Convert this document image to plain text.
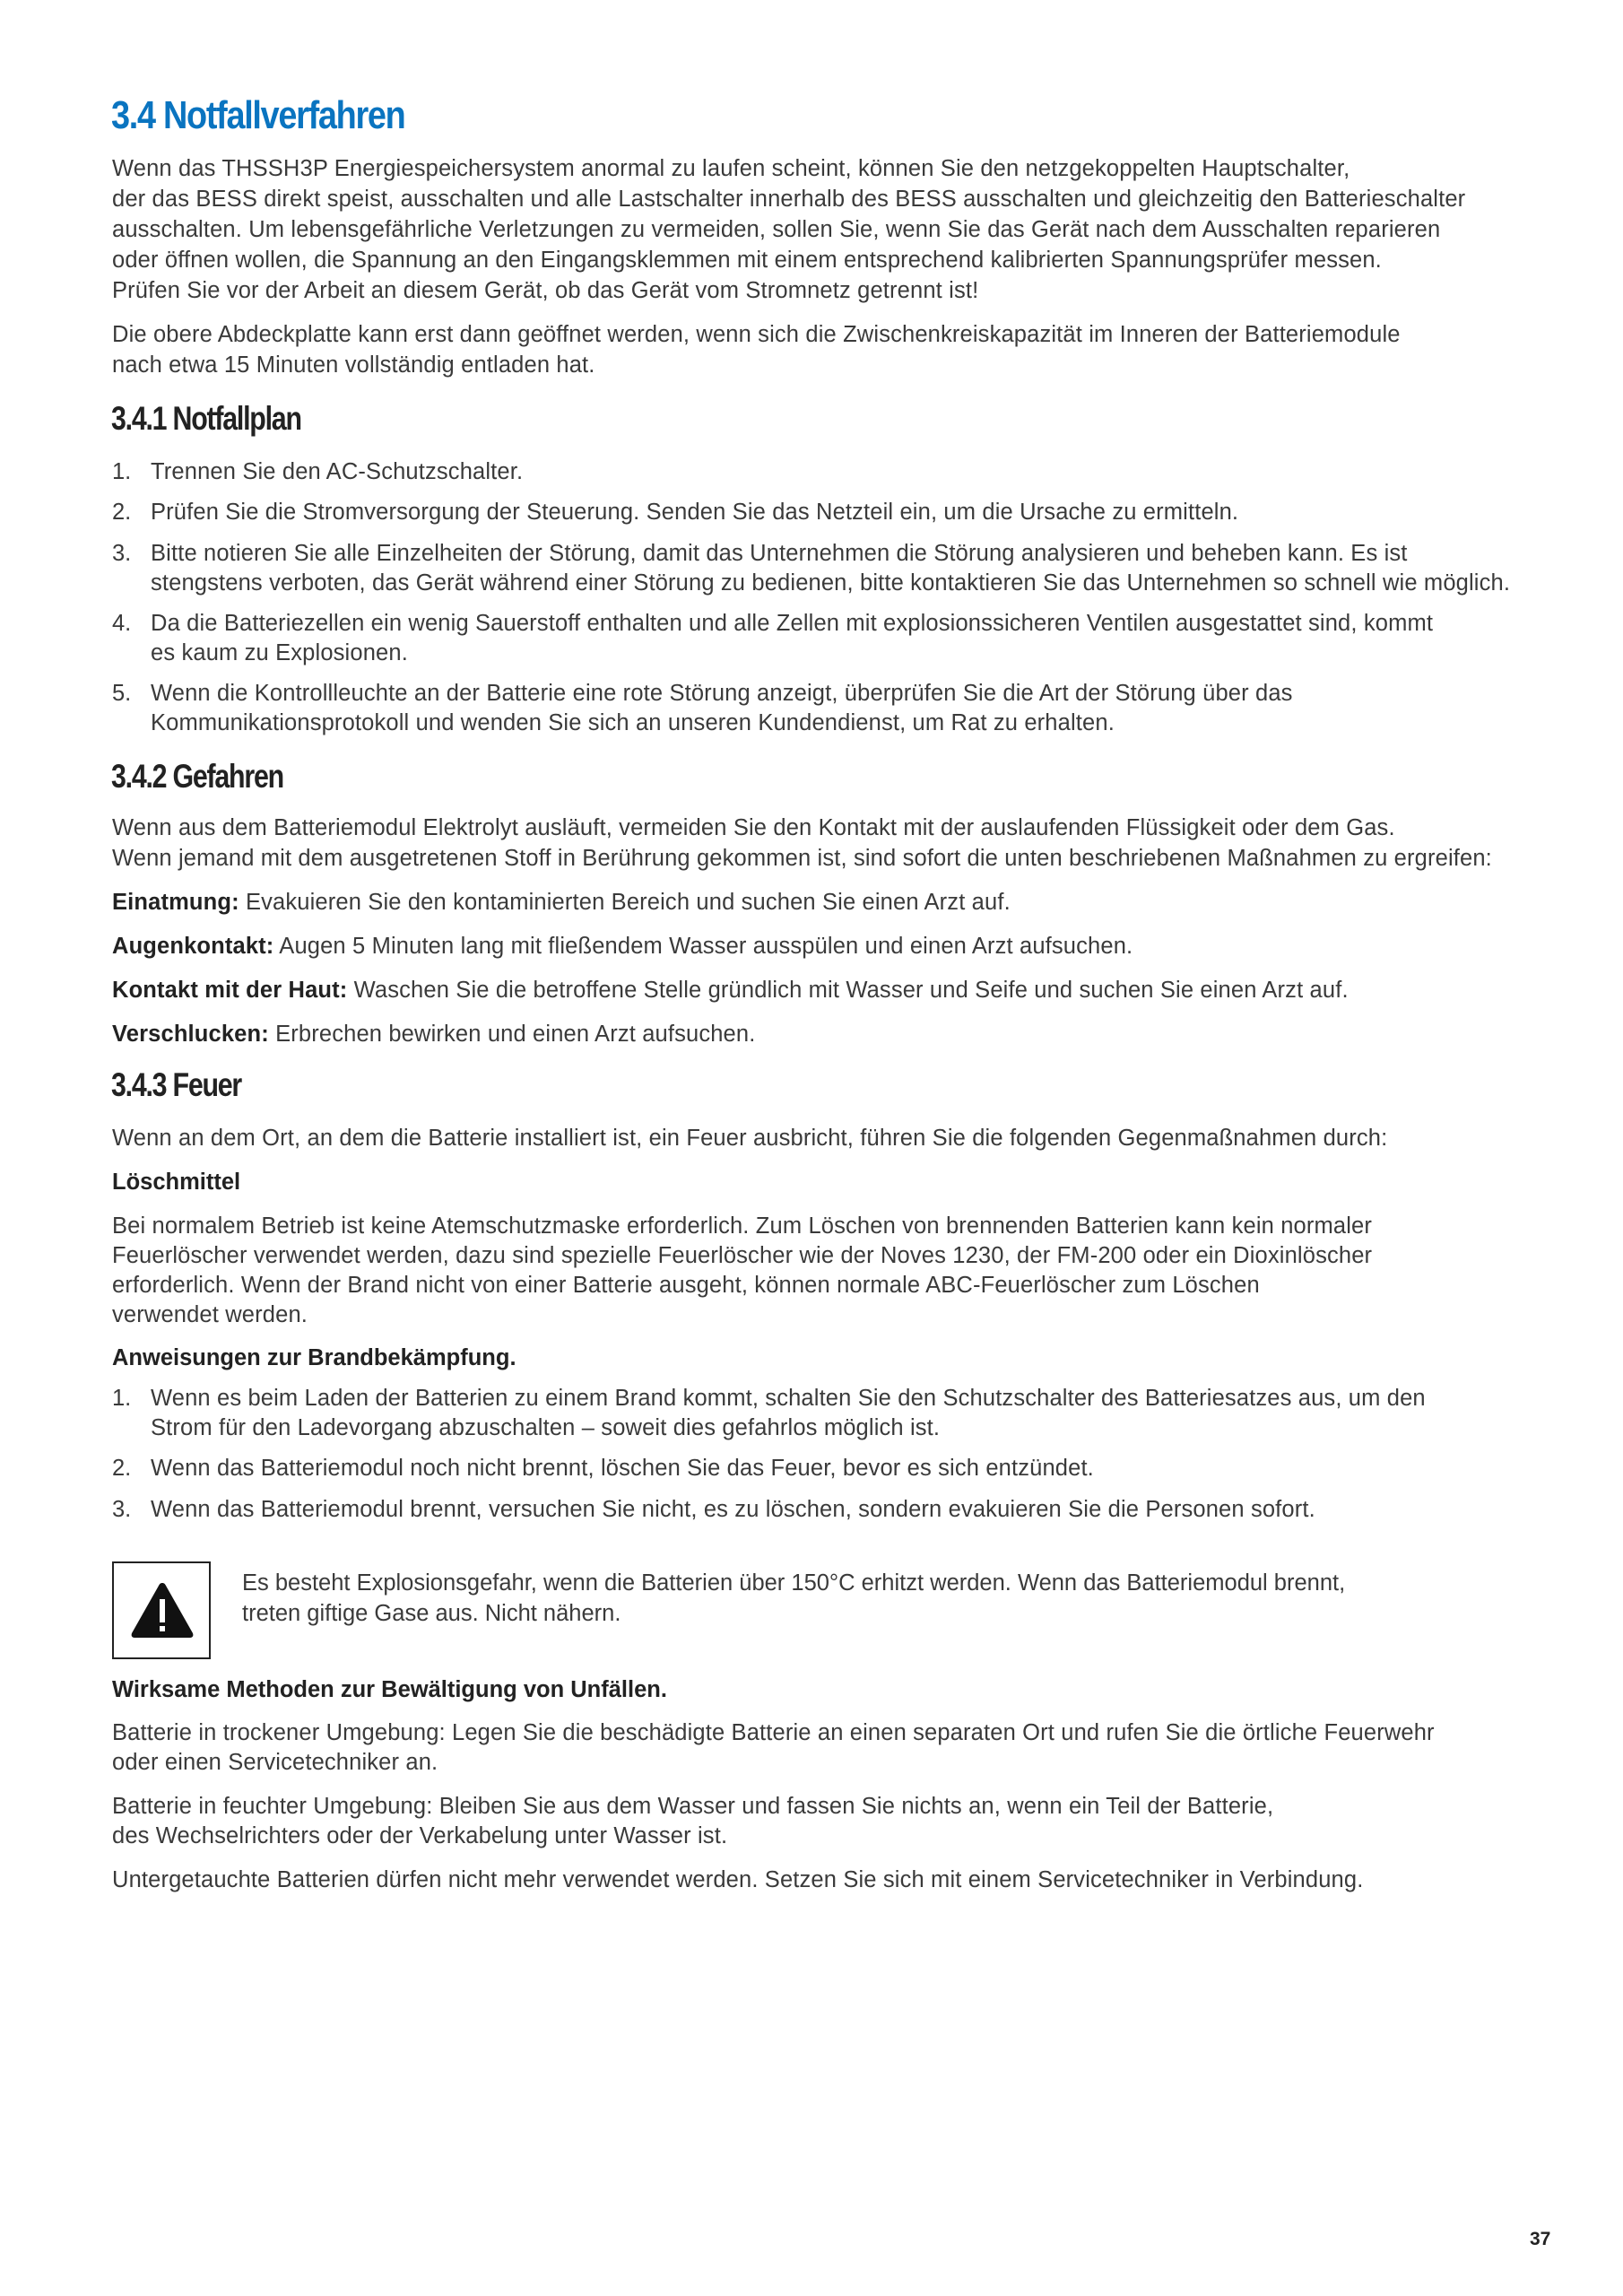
3.4 Notfallverfahren
Wenn das THSSH3P Energiespeichersystem anormal zu laufen scheint, können Sie den netzgekoppelten Hauptschalter,
der das BESS direkt speist, ausschalten und alle Lastschalter innerhalb des BESS ausschalten und gleichzeitig den Batterieschalter
ausschalten. Um lebensgefährliche Verletzungen zu vermeiden, sollen Sie, wenn Sie das Gerät nach dem Ausschalten reparieren
oder öffnen wollen, die Spannung an den Eingangsklemmen mit einem entsprechend kalibrierten Spannungsprüfer messen.
Prüfen Sie vor der Arbeit an diesem Gerät, ob das Gerät vom Stromnetz getrennt ist!
Die obere Abdeckplatte kann erst dann geöffnet werden, wenn sich die Zwischenkreiskapazität im Inneren der Batteriemodule
nach etwa 15 Minuten vollständig entladen hat.
3.4.1 Notfallplan
1. Trennen Sie den AC-Schutzschalter.
2. Prüfen Sie die Stromversorgung der Steuerung. Senden Sie das Netzteil ein, um die Ursache zu ermitteln.
3. Bitte notieren Sie alle Einzelheiten der Störung, damit das Unternehmen die Störung analysieren und beheben kann. Es ist
stengstens verboten, das Gerät während einer Störung zu bedienen, bitte kontaktieren Sie das Unternehmen so schnell wie möglich.
4. Da die Batteriezellen ein wenig Sauerstoff enthalten und alle Zellen mit explosionssicheren Ventilen ausgestattet sind, kommt
es kaum zu Explosionen.
5. Wenn die Kontrollleuchte an der Batterie eine rote Störung anzeigt, überprüfen Sie die Art der Störung über das
Kommunikationsprotokoll und wenden Sie sich an unseren Kundendienst, um Rat zu erhalten.
3.4.2 Gefahren
Wenn aus dem Batteriemodul Elektrolyt ausläuft, vermeiden Sie den Kontakt mit der auslaufenden Flüssigkeit oder dem Gas.
Wenn jemand mit dem ausgetretenen Stoff in Berührung gekommen ist, sind sofort die unten beschriebenen Maßnahmen zu ergreifen:
Einatmung: Evakuieren Sie den kontaminierten Bereich und suchen Sie einen Arzt auf.
Augenkontakt: Augen 5 Minuten lang mit fließendem Wasser ausspülen und einen Arzt aufsuchen.
Kontakt mit der Haut: Waschen Sie die betroffene Stelle gründlich mit Wasser und Seife und suchen Sie einen Arzt auf.
Verschlucken: Erbrechen bewirken und einen Arzt aufsuchen.
3.4.3 Feuer
Wenn an dem Ort, an dem die Batterie installiert ist, ein Feuer ausbricht, führen Sie die folgenden Gegenmaßnahmen durch:
Löschmittel
Bei normalem Betrieb ist keine Atemschutzmaske erforderlich. Zum Löschen von brennenden Batterien kann kein normaler
Feuerlöscher verwendet werden, dazu sind spezielle Feuerlöscher wie der Noves 1230, der FM-200 oder ein Dioxinlöscher
erforderlich. Wenn der Brand nicht von einer Batterie ausgeht, können normale ABC-Feuerlöscher zum Löschen
verwendet werden.
Anweisungen zur Brandbekämpfung.
1. Wenn es beim Laden der Batterien zu einem Brand kommt, schalten Sie den Schutzschalter des Batteriesatzes aus, um den
Strom für den Ladevorgang abzuschalten – soweit dies gefahrlos möglich ist.
2. Wenn das Batteriemodul noch nicht brennt, löschen Sie das Feuer, bevor es sich entzündet.
3. Wenn das Batteriemodul brennt, versuchen Sie nicht, es zu löschen, sondern evakuieren Sie die Personen sofort.
Es besteht Explosionsgefahr, wenn die Batterien über 150°C erhitzt werden. Wenn das Batteriemodul brennt,
treten giftige Gase aus. Nicht nähern.
Wirksame Methoden zur Bewältigung von Unfällen.
Batterie in trockener Umgebung: Legen Sie die beschädigte Batterie an einen separaten Ort und rufen Sie die örtliche Feuerwehr
oder einen Servicetechniker an.
Batterie in feuchter Umgebung: Bleiben Sie aus dem Wasser und fassen Sie nichts an, wenn ein Teil der Batterie,
des Wechselrichters oder der Verkabelung unter Wasser ist.
Untergetauchte Batterien dürfen nicht mehr verwendet werden. Setzen Sie sich mit einem Servicetechniker in Verbindung.
37
